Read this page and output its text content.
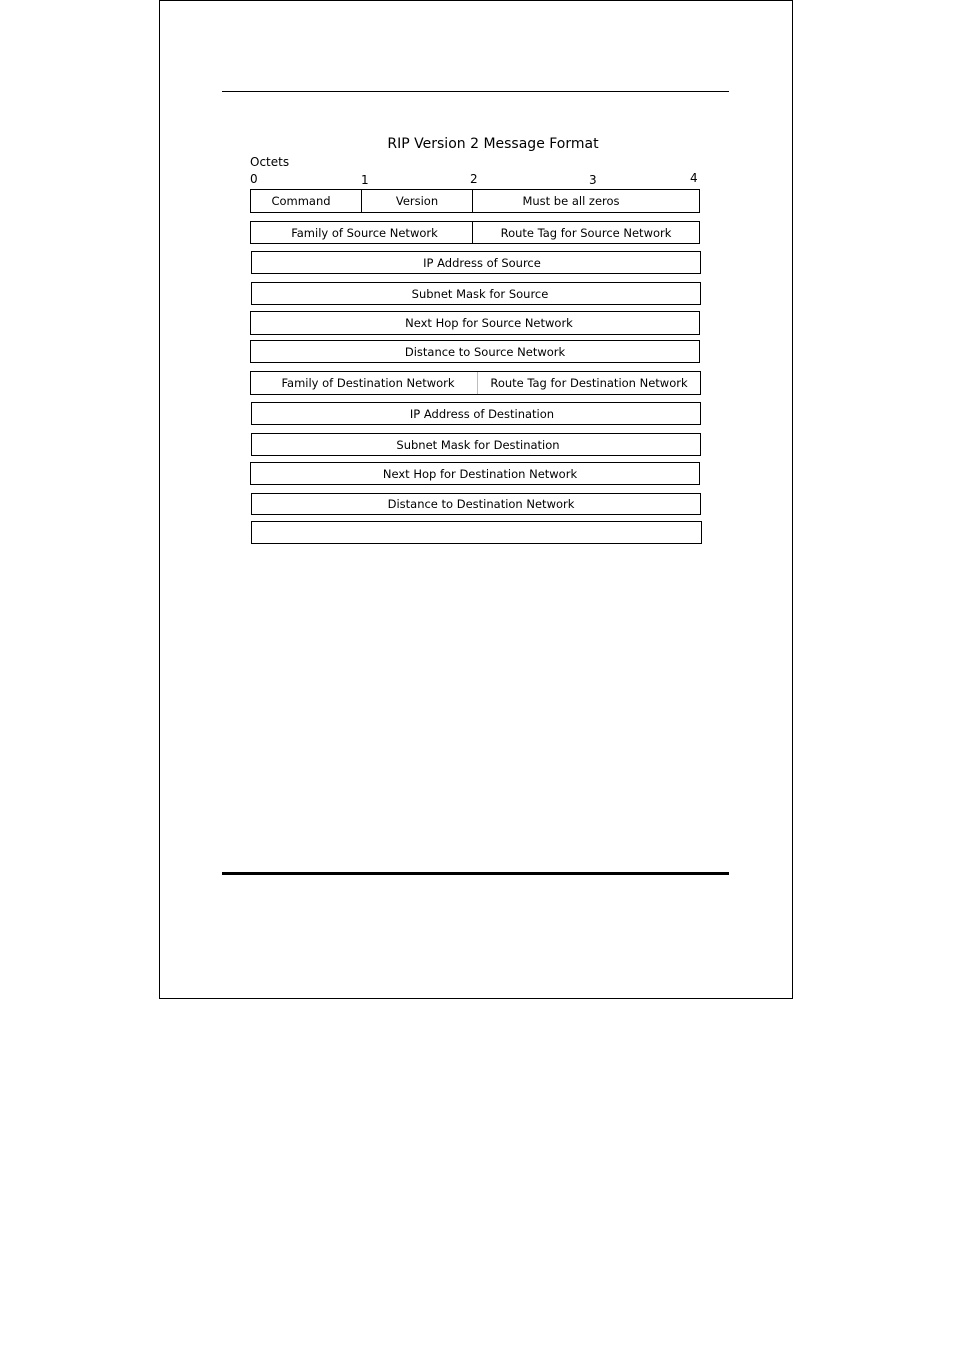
RIP Version 2 Message Format
Octets
0	1	2	3	4
Command	Version	Must be all zeros
Family of Source Network	Route Tag for Source Network
IP Address of Source
Subnet Mask for Source
Next Hop for Source Network
Distance to Source Network
Family of Destination Network	Route Tag for Destination Network
IP Address of Destination
Subnet Mask for Destination
Next Hop for Destination Network
Distance to Destination Network
